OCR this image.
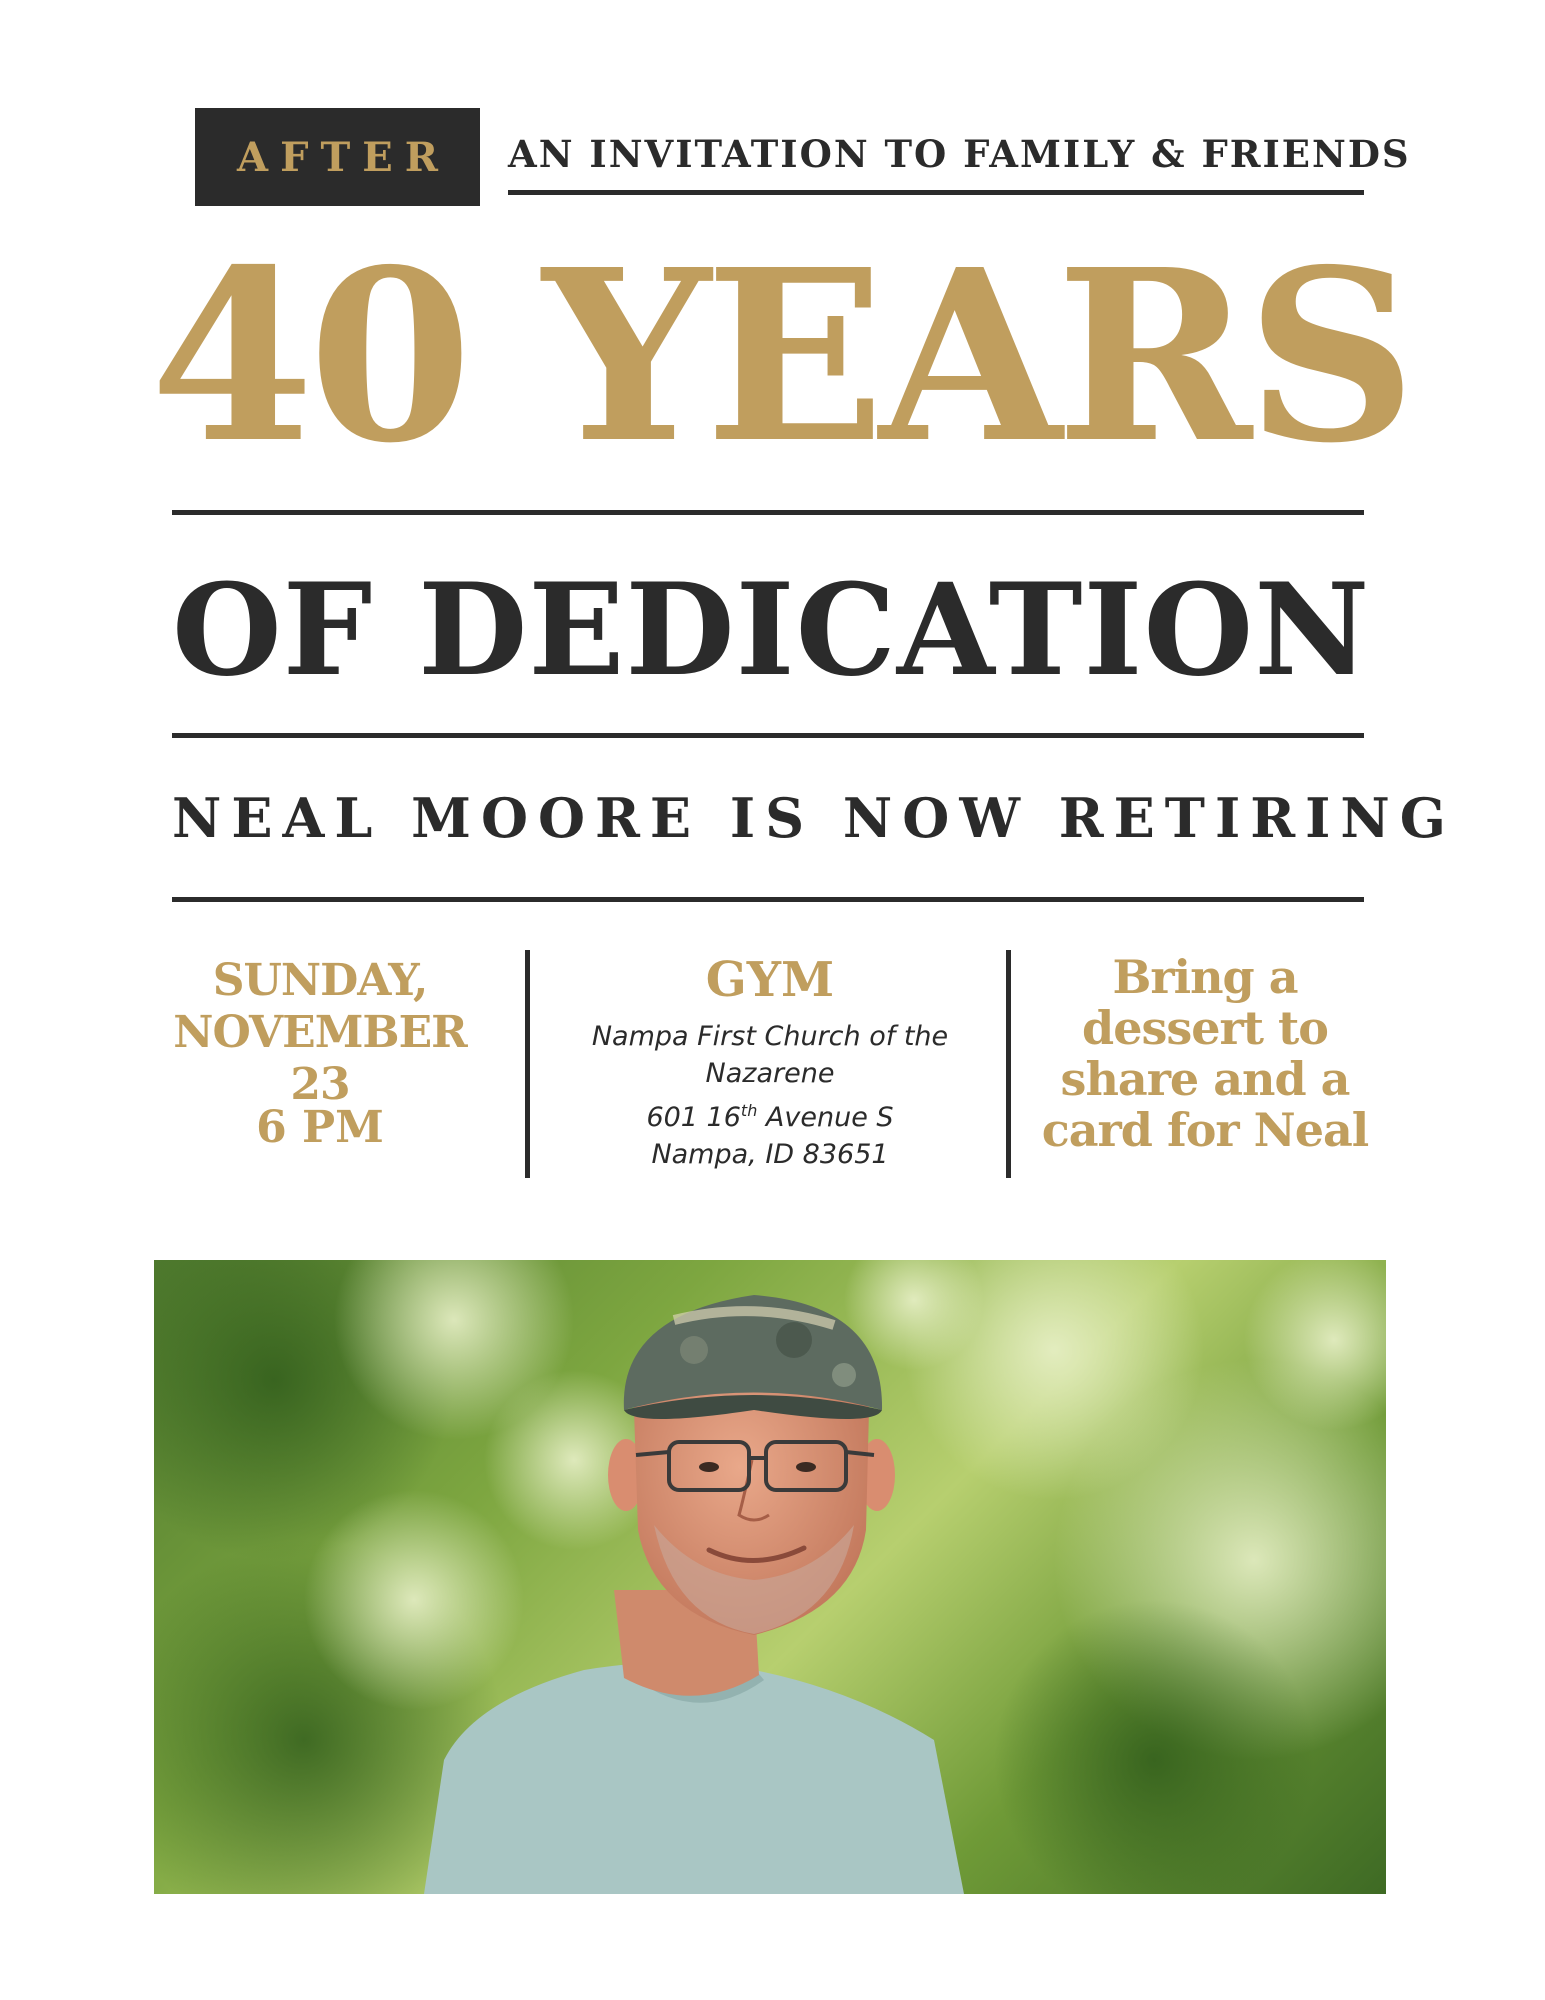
AFTER AN INVITATION TO FAMILY & FRIENDS
40 YEARS
OF DEDICATION
NEAL MOORE IS NOW RETIRING
SUNDAY,
NOVEMBER 23
6 PM
GYM
Nampa First Church of the
Nazarene
601 16th Avenue S
Nampa, ID 83651
Bring a
dessert to
share and a
card for Neal
